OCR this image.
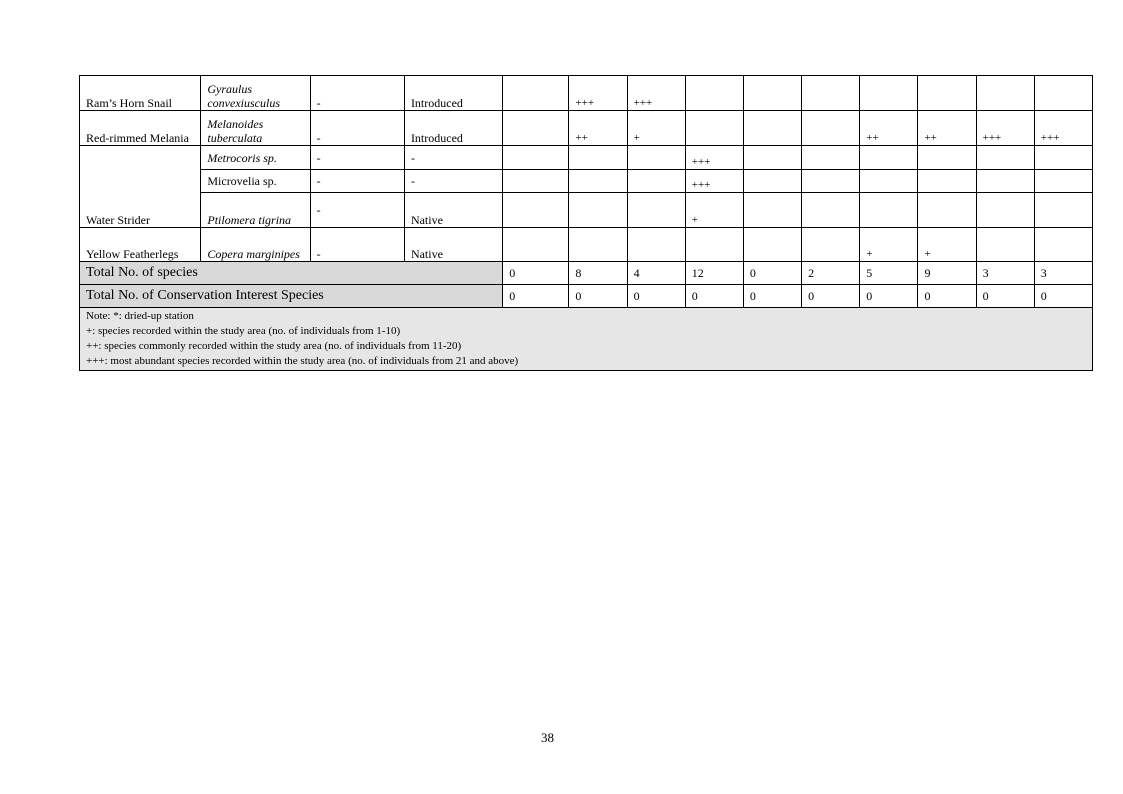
Ram’s Horn Snail	Gyraulus convexiusculus	-	Introduced		+++	+++							
Red-rimmed Melania	Melanoides tuberculata	-	Introduced		++	+				++	++	+++	+++
Water Strider	Metrocoris sp.	-	-				+++						
	Microvelia sp.	-	-				+++						
	Ptilomera tigrina	-	Native				+						
Yellow Featherlegs	Copera marginipes	-	Native							+	+		
Total No. of species				0	8	4	12	0	2	5	9	3	3
Total No. of Conservation Interest Species				0	0	0	0	0	0	0	0	0	0

Note: *: dried-up station
+: species recorded within the study area (no. of individuals from 1-10)
++: species commonly recorded within the study area (no. of individuals from 11-20)
+++: most abundant species recorded within the study area (no. of individuals from 21 and above)													
38
